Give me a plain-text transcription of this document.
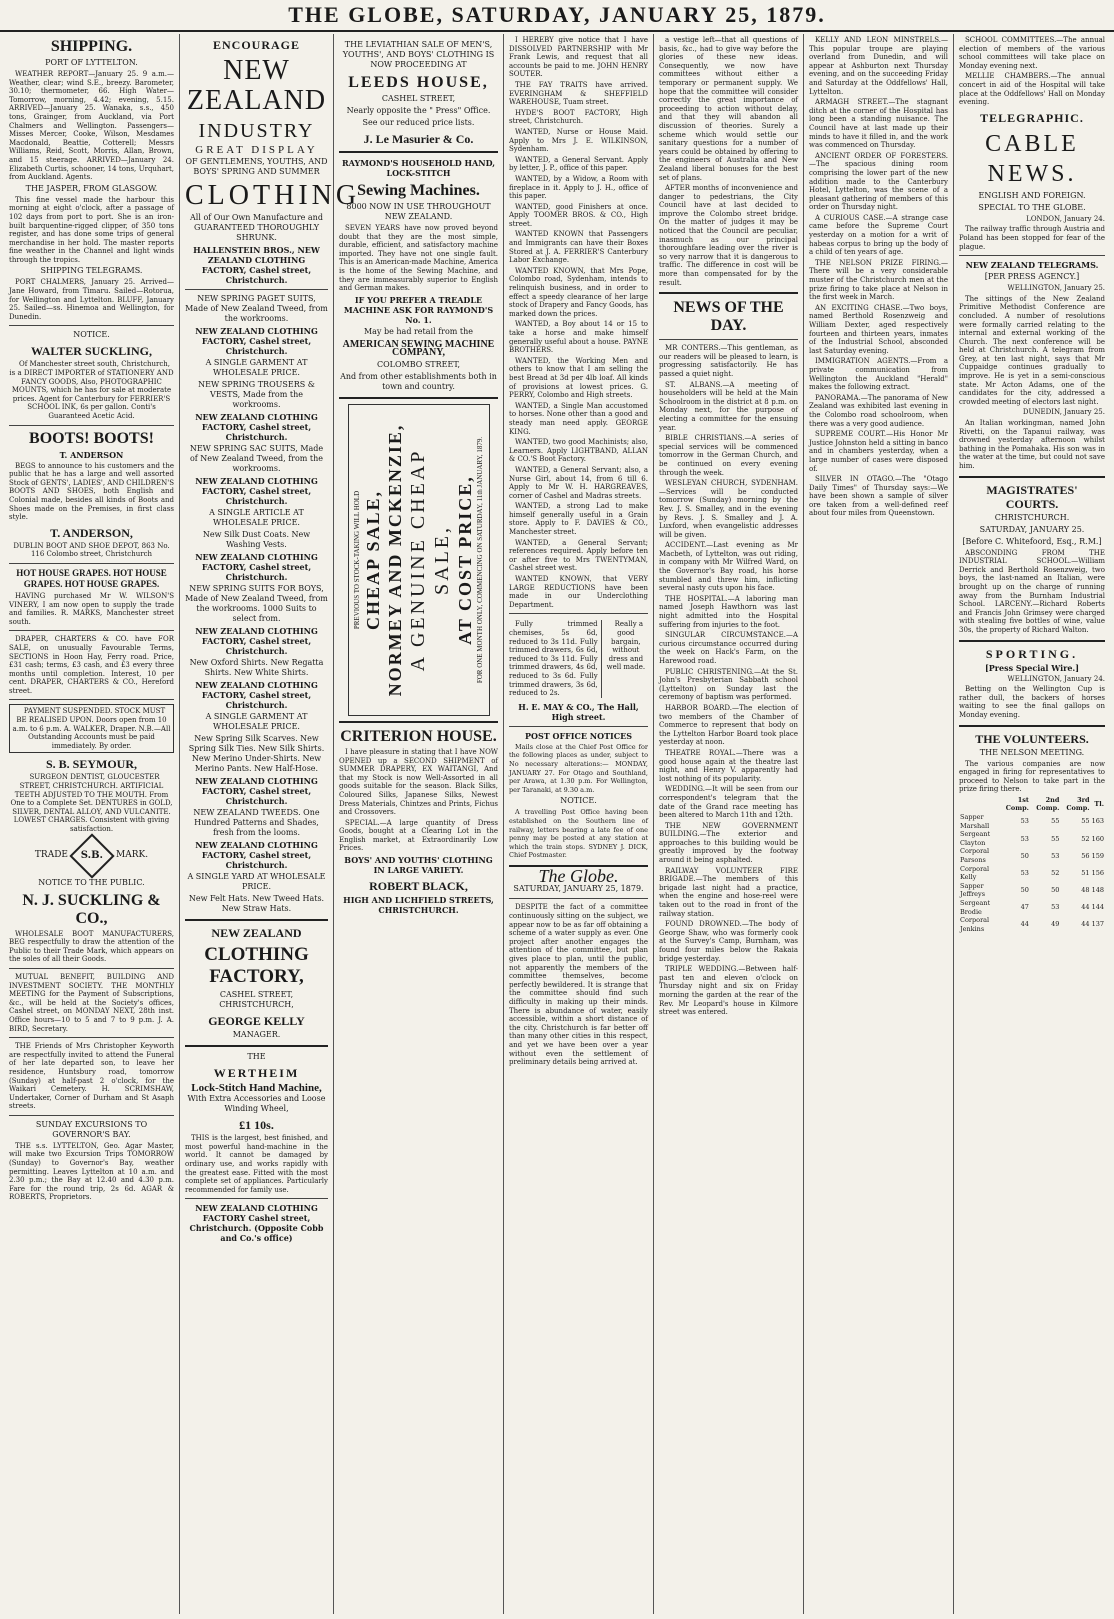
THE GLOBE, SATURDAY, JANUARY 25, 1879.
SHIPPING.
PORT OF LYTTELTON.
WEATHER REPORT—January 25. 9 a.m.—Weather, clear; wind S.E., breezy. Barometer, 30.10; thermometer, 66. High Water—Tomorrow, morning, 4.42; evening, 5.15. ARRIVED—January 25. Wanaka, s.s., 450 tons, Grainger, from Auckland, via Port Chalmers and Wellington. Passengers—Misses Mercer, Cooke, Wilson, Mesdames Macdonald, Beattie, Cotterell; Messrs Williams, Reid, Scott, Morris, Allan, Brown, and 15 steerage. ARRIVED—January 24. Elizabeth Curtis, schooner, 14 tons, Urquhart, from Auckland. Agents.
THE JASPER, FROM GLASGOW.
This fine vessel made the harbour this morning at eight o'clock, after a passage of 102 days from port to port. She is an iron-built barquentine-rigged clipper, of 350 tons register, and has done some trips of general merchandise in her hold. The master reports fine weather in the Channel and light winds through the tropics.
SHIPPING TELEGRAMS.
PORT CHALMERS, January 25. Arrived—Jane Howard, from Timaru. Sailed—Rotorua, for Wellington and Lyttelton. BLUFF, January 25. Sailed—ss. Hinemoa and Wellington, for Dunedin.
NOTICE.
WALTER SUCKLING,
Of Manchester street south, Christchurch, is a DIRECT IMPORTER of STATIONERY AND FANCY GOODS, Also, PHOTOGRAPHIC MOUNTS, which he has for sale at moderate prices. Agent for Canterbury for FERRIER'S SCHOOL INK, 6s per gallon. Conti's Guaranteed Acetic Acid.
BOOTS! BOOTS!
T. ANDERSON
BEGS to announce to his customers and the public that he has a large and well assorted Stock of GENTS', LADIES', AND CHILDREN'S BOOTS AND SHOES, both English and Colonial made, besides all kinds of Boots and Shoes made on the Premises, in first class style.
T. ANDERSON,
DUBLIN BOOT AND SHOE DEPOT, 863 No. 116 Colombo street, Christchurch
HOT HOUSE GRAPES. HOT HOUSE GRAPES. HOT HOUSE GRAPES.
HAVING purchased Mr W. WILSON'S VINERY, I am now open to supply the trade and families. R. MARKS, Manchester street south.
DRAPER, CHARTERS & CO. have FOR SALE, on unusually Favourable Terms, SECTIONS in Hoon Hay, Ferry road. Price, £31 cash; terms, £3 cash, and £3 every three months until completion. Interest, 10 per cent. DRAPER, CHARTERS & CO., Hereford street.
PAYMENT SUSPENDED. STOCK MUST BE REALISED UPON. Doors open from 10 a.m. to 6 p.m. A. WALKER, Draper. N.B.—All Outstanding Accounts must be paid immediately. By order.
S. B. SEYMOUR,
SURGEON DENTIST, GLOUCESTER STREET, CHRISTCHURCH. ARTIFICIAL TEETH ADJUSTED TO THE MOUTH. From One to a Complete Set. DENTURES in GOLD, SILVER, DENTAL ALLOY, AND VULCANITE. LOWEST CHARGES. Consistent with giving satisfaction.
TRADE S.B. MARK.
NOTICE TO THE PUBLIC.
N. J. SUCKLING & CO.,
WHOLESALE BOOT MANUFACTURERS, BEG respectfully to draw the attention of the Public to their Trade Mark, which appears on the soles of all their Goods.
MUTUAL BENEFIT, BUILDING AND INVESTMENT SOCIETY. THE MONTHLY MEETING for the Payment of Subscriptions, &c., will be held at the Society's offices, Cashel street, on MONDAY NEXT, 28th inst. Office hours—10 to 5 and 7 to 9 p.m. J. A. BIRD, Secretary.
THE Friends of Mrs Christopher Keyworth are respectfully invited to attend the Funeral of her late departed son, to leave her residence, Huntsbury road, tomorrow (Sunday) at half-past 2 o'clock, for the Waikari Cemetery. H. SCRIMSHAW, Undertaker, Corner of Durham and St Asaph streets.
SUNDAY EXCURSIONS TO GOVERNOR'S BAY.
THE s.s. LYTTELTON, Geo. Agar Master, will make two Excursion Trips TOMORROW (Sunday) to Governor's Bay, weather permitting. Leaves Lyttelton at 10 a.m. and 2.30 p.m.; the Bay at 12.40 and 4.30 p.m. Fare for the round trip, 2s 6d. AGAR & ROBERTS, Proprietors.
ENCOURAGE
NEW ZEALAND
INDUSTRY
GREAT DISPLAY
OF GENTLEMENS, YOUTHS, AND BOYS' SPRING AND SUMMER
CLOTHING
All of Our Own Manufacture and GUARANTEED THOROUGHLY SHRUNK.
HALLENSTEIN BROS., NEW ZEALAND CLOTHING FACTORY, Cashel street, Christchurch.
NEW SPRING PAGET SUITS, Made of New Zealand Tweed, from the workrooms.
NEW ZEALAND CLOTHING FACTORY, Cashel street, Christchurch.
A SINGLE GARMENT AT WHOLESALE PRICE.
NEW SPRING TROUSERS & VESTS, Made from the workrooms.
NEW ZEALAND CLOTHING FACTORY, Cashel street, Christchurch.
NEW SPRING SAC SUITS, Made of New Zealand Tweed, from the workrooms.
NEW ZEALAND CLOTHING FACTORY, Cashel street, Christchurch.
A SINGLE ARTICLE AT WHOLESALE PRICE.
New Silk Dust Coats. New Washing Vests.
NEW ZEALAND CLOTHING FACTORY, Cashel street, Christchurch.
NEW SPRING SUITS FOR BOYS, Made of New Zealand Tweed, from the workrooms. 1000 Suits to select from.
NEW ZEALAND CLOTHING FACTORY, Cashel street, Christchurch.
New Oxford Shirts. New Regatta Shirts. New White Shirts.
NEW ZEALAND CLOTHING FACTORY, Cashel street, Christchurch.
A SINGLE GARMENT AT WHOLESALE PRICE.
New Spring Silk Scarves. New Spring Silk Ties. New Silk Shirts. New Merino Under-Shirts. New Merino Pants. New Half-Hose.
NEW ZEALAND CLOTHING FACTORY, Cashel street, Christchurch.
NEW ZEALAND TWEEDS. One Hundred Patterns and Shades, fresh from the looms.
NEW ZEALAND CLOTHING FACTORY, Cashel street, Christchurch.
A SINGLE YARD AT WHOLESALE PRICE.
New Felt Hats. New Tweed Hats. New Straw Hats.
NEW ZEALAND
CLOTHING FACTORY,
CASHEL STREET, CHRISTCHURCH,
GEORGE KELLY
MANAGER.
THE
WERTHEIM
Lock-Stitch Hand Machine,
With Extra Accessories and Loose Winding Wheel,
£1 10s.
THIS is the largest, best finished, and most powerful hand-machine in the world. It cannot be damaged by ordinary use, and works rapidly with the greatest ease. Fitted with the most complete set of appliances. Particularly recommended for family use.
NEW ZEALAND CLOTHING FACTORY Cashel street, Christchurch. (Opposite Cobb and Co.'s office)
THE LEVIATHIAN SALE OF MEN'S, YOUTHS', AND BOYS' CLOTHING IS NOW PROCEEDING AT
LEEDS HOUSE,
CASHEL STREET,
Nearly opposite the " Press" Office.
See our reduced price lists.
J. Le Masurier & Co.
RAYMOND'S HOUSEHOLD HAND, LOCK-STITCH
Sewing Machines.
8000 NOW IN USE THROUGHOUT NEW ZEALAND.
SEVEN YEARS have now proved beyond doubt that they are the most simple, durable, efficient, and satisfactory machine imported. They have not one single fault. This is an American-made Machine, America is the home of the Sewing Machine, and they are immeasurably superior to English and German makes.
IF YOU PREFER A TREADLE MACHINE ASK FOR RAYMOND'S No. 1.
May be had retail from the
AMERICAN SEWING MACHINE COMPANY,
COLOMBO STREET,
And from other establishments both in town and country.
PREVIOUS TO STOCK-TAKING WILL HOLD CHEAP SALE, NORMEY AND MCKENZIE, A GENUINE CHEAP SALE, AT COST PRICE, FOR ONE MONTH ONLY, COMMENCING ON SATURDAY, 11th JANUARY, 1879.
CRITERION HOUSE.
I have pleasure in stating that I have NOW OPENED up a SECOND SHIPMENT of SUMMER DRAPERY, EX WAITANGI, And that my Stock is now Well-Assorted in all goods suitable for the season. Black Silks, Coloured Silks, Japanese Silks, Newest Dress Materials, Chintzes and Prints, Fichus and Crossovers.
SPECIAL.—A large quantity of Dress Goods, bought at a Clearing Lot in the English market, at Extraordinarily Low Prices.
BOYS' AND YOUTHS' CLOTHING IN LARGE VARIETY.
ROBERT BLACK,
HIGH AND LICHFIELD STREETS, CHRISTCHURCH.
I HEREBY give notice that I have DISSOLVED PARTNERSHIP with Mr Frank Lewis, and request that all accounts be paid to me. JOHN HENRY SOUTER.
THE FAY TRAITS have arrived. EVERINGHAM & SHEFFIELD WAREHOUSE, Tuam street.
HYDE'S BOOT FACTORY, High street, Christchurch.
WANTED, Nurse or House Maid. Apply to Mrs J. E. WILKINSON, Sydenham.
WANTED, a General Servant. Apply by letter, J. P., office of this paper.
WANTED, by a Widow, a Room with fireplace in it. Apply to J. H., office of this paper.
WANTED, good Finishers at once. Apply TOOMER BROS. & CO., High street.
WANTED KNOWN that Passengers and Immigrants can have their Boxes Stored at J. A. FERRIER'S Canterbury Labor Exchange.
WANTED KNOWN, that Mrs Pope, Colombo road, Sydenham, intends to relinquish business, and in order to effect a speedy clearance of her large stock of Drapery and Fancy Goods, has marked down the prices.
WANTED, a Boy about 14 or 15 to take a horse and make himself generally useful about a house. PAYNE BROTHERS.
WANTED, the Working Men and others to know that I am selling the best Bread at 3d per 4lb loaf. All kinds of provisions at lowest prices. G. PERRY, Colombo and High streets.
WANTED, a Single Man accustomed to horses. None other than a good and steady man need apply. GEORGE KING.
WANTED, two good Machinists; also, Learners. Apply LIGHTBAND, ALLAN & CO.'S Boot Factory.
WANTED, a General Servant; also, a Nurse Girl, about 14, from 6 till 6. Apply to Mr W. H. HARGREAVES, corner of Cashel and Madras streets.
WANTED, a strong Lad to make himself generally useful in a Grain store. Apply to F. DAVIES & CO., Manchester street.
WANTED, a General Servant; references required. Apply before ten or after five to Mrs TWENTYMAN, Cashel street west.
WANTED KNOWN, that VERY LARGE REDUCTIONS have been made in our Underclothing Department.
Fully trimmed chemises, 5s 6d, reduced to 3s 11d. Fully trimmed drawers, 6s 6d, reduced to 3s 11d. Fully trimmed drawers, 4s 6d, reduced to 3s 6d. Fully trimmed drawers, 3s 6d, reduced to 2s.
Really a good bargain, without dress and well made.
H. E. MAY & CO., The Hall, High street.
POST OFFICE NOTICES
Mails close at the Chief Post Office for the following places as under, subject to No necessary alterations:— MONDAY, JANUARY 27. For Otago and Southland, per Arawa, at 1.30 p.m. For Wellington, per Taranaki, at 9.30 a.m.
NOTICE.
A travelling Post Office having been established on the Southern line of railway, letters bearing a late fee of one penny may be posted at any station at which the train stops. SYDNEY J. DICK, Chief Postmaster.
The Globe.
SATURDAY, JANUARY 25, 1879.
DESPITE the fact of a committee continuously sitting on the subject, we appear now to be as far off obtaining a scheme of a water supply as ever. One project after another engages the attention of the committee, but plan gives place to plan, until the public, not apparently the members of the committee themselves, become perfectly bewildered. It is strange that the committee should find such difficulty in making up their minds. There is abundance of water, easily accessible, within a short distance of the city. Christchurch is far better off than many other cities in this respect, and yet we have been over a year without even the settlement of preliminary details being arrived at.
a vestige left—that all questions of basis, &c., had to give way before the glories of these new ideas. Consequently, we now have committees without either a temporary or permanent supply. We hope that the committee will consider correctly the great importance of proceeding to action without delay, and that they will abandon all discussion of theories. Surely a scheme which would settle our sanitary questions for a number of years could be obtained by offering to the engineers of Australia and New Zealand liberal bonuses for the best set of plans.
AFTER months of inconvenience and danger to pedestrians, the City Council have at last decided to improve the Colombo street bridge. On the matter of judges it may be noticed that the Council are peculiar, inasmuch as our principal thoroughfare leading over the river is so very narrow that it is dangerous to traffic. The difference in cost will be more than compensated for by the result.
NEWS OF THE DAY.
MR CONTERS.—This gentleman, as our readers will be pleased to learn, is progressing satisfactorily. He has passed a quiet night.
ST. ALBANS.—A meeting of householders will be held at the Main Schoolroom in the district at 8 p.m. on Monday next, for the purpose of electing a committee for the ensuing year.
BIBLE CHRISTIANS.—A series of special services will be commenced tomorrow in the German Church, and be continued on every evening through the week.
WESLEYAN CHURCH, SYDENHAM.—Services will be conducted tomorrow (Sunday) morning by the Rev. J. S. Smalley, and in the evening by Revs. J. S. Smalley and J. A. Luxford, when evangelistic addresses will be given.
ACCIDENT.—Last evening as Mr Macbeth, of Lyttelton, was out riding, in company with Mr Wilfred Ward, on the Governor's Bay road, his horse stumbled and threw him, inflicting several nasty cuts upon his face.
THE HOSPITAL.—A laboring man named Joseph Hawthorn was last night admitted into the Hospital suffering from injuries to the foot.
SINGULAR CIRCUMSTANCE.—A curious circumstance occurred during the week on Hack's Farm, on the Harewood road.
PUBLIC CHRISTENING.—At the St. John's Presbyterian Sabbath school (Lyttelton) on Sunday last the ceremony of baptism was performed.
HARBOR BOARD.—The election of two members of the Chamber of Commerce to represent that body on the Lyttelton Harbor Board took place yesterday at noon.
THEATRE ROYAL.—There was a good house again at the theatre last night, and Henry V. apparently had lost nothing of its popularity.
WEDDING.—It will be seen from our correspondent's telegram that the date of the Grand race meeting has been altered to March 11th and 12th.
THE NEW GOVERNMENT BUILDING.—The exterior and approaches to this building would be greatly improved by the footway around it being asphalted.
RAILWAY VOLUNTEER FIRE BRIGADE.—The members of this brigade last night had a practice, when the engine and hose-reel were taken out to the road in front of the railway station.
FOUND DROWNED.—The body of George Shaw, who was formerly cook at the Survey's Camp, Burnham, was found four miles below the Rakaia bridge yesterday.
TRIPLE WEDDING.—Between half-past ten and eleven o'clock on Thursday night and six on Friday morning the garden at the rear of the Rev. Mr Leopard's house in Kilmore street was entered.
KELLY AND LEON MINSTRELS.—This popular troupe are playing overland from Dunedin, and will appear at Ashburton next Thursday evening, and on the succeeding Friday and Saturday at the Oddfellows' Hall, Lyttelton.
ARMAGH STREET.—The stagnant ditch at the corner of the Hospital has long been a standing nuisance. The Council have at last made up their minds to have it filled in, and the work was commenced on Thursday.
ANCIENT ORDER OF FORESTERS.—The spacious dining room comprising the lower part of the new addition made to the Canterbury Hotel, Lyttelton, was the scene of a pleasant gathering of members of this order on Thursday night.
A CURIOUS CASE.—A strange case came before the Supreme Court yesterday on a motion for a writ of habeas corpus to bring up the body of a child of ten years of age.
THE NELSON PRIZE FIRING.—There will be a very considerable muster of the Christchurch men at the prize firing to take place at Nelson in the first week in March.
AN EXCITING CHASE.—Two boys, named Berthold Rosenzweig and William Dexter, aged respectively fourteen and thirteen years, inmates of the Industrial School, absconded last Saturday evening.
IMMIGRATION AGENTS.—From a private communication from Wellington the Auckland "Herald" makes the following extract.
PANORAMA.—The panorama of New Zealand was exhibited last evening in the Colombo road schoolroom, when there was a very good audience.
SUPREME COURT.—His Honor Mr Justice Johnston held a sitting in banco and in chambers yesterday, when a large number of cases were disposed of.
SILVER IN OTAGO.—The "Otago Daily Times" of Thursday says:—We have been shown a sample of silver ore taken from a well-defined reef about four miles from Queenstown.
SCHOOL COMMITTEES.—The annual election of members of the various school committees will take place on Monday evening next.
MELLIE CHAMBERS.—The annual concert in aid of the Hospital will take place at the Oddfellows' Hall on Monday evening.
TELEGRAPHIC.
CABLE NEWS.
ENGLISH AND FOREIGN.
SPECIAL TO THE GLOBE.
LONDON, January 24.
The railway traffic through Austria and Poland has been stopped for fear of the plague.
NEW ZEALAND TELEGRAMS.
[PER PRESS AGENCY.]
WELLINGTON, January 25.
The sittings of the New Zealand Primitive Methodist Conference are concluded. A number of resolutions were formally carried relating to the internal and external working of the Church. The next conference will be held at Christchurch. A telegram from Grey, at ten last night, says that Mr Cuppaidge continues gradually to improve. He is yet in a semi-conscious state. Mr Acton Adams, one of the candidates for the city, addressed a crowded meeting of electors last night.
DUNEDIN, January 25.
An Italian workingman, named John Rivetti, on the Tapanui railway, was drowned yesterday afternoon whilst bathing in the Pomahaka. His son was in the water at the time, but could not save him.
MAGISTRATES' COURTS.
CHRISTCHURCH.
SATURDAY, JANUARY 25.
[Before C. Whitefoord, Esq., R.M.]
ABSCONDING FROM THE INDUSTRIAL SCHOOL.—William Derrick and Berthold Rosenzweig, two boys, the last-named an Italian, were brought up on the charge of running away from the Burnham Industrial School. LARCENY.—Richard Roberts and Francis John Grimsey were charged with stealing five bottles of wine, value 30s, the property of Richard Walton.
SPORTING.
[Press Special Wire.]
WELLINGTON, January 24.
Betting on the Wellington Cup is rather dull, the backers of horses waiting to see the final gallops on Monday evening.
THE VOLUNTEERS.
THE NELSON MEETING.
The various companies are now engaged in firing for representatives to proceed to Nelson to take part in the prize firing there.
	1st Comp.	2nd Comp.	3rd Comp.	Tl.
Sapper Marshall	53	55	55	163
Sergeant Clayton	53	55	52	160
Corporal Parsons	50	53	56	159
Corporal Kelly	53	52	51	156
Sapper Jeffreys	50	50	48	148
Sergeant Brodie	47	53	44	144
Corporal Jenkins	44	49	44	137
